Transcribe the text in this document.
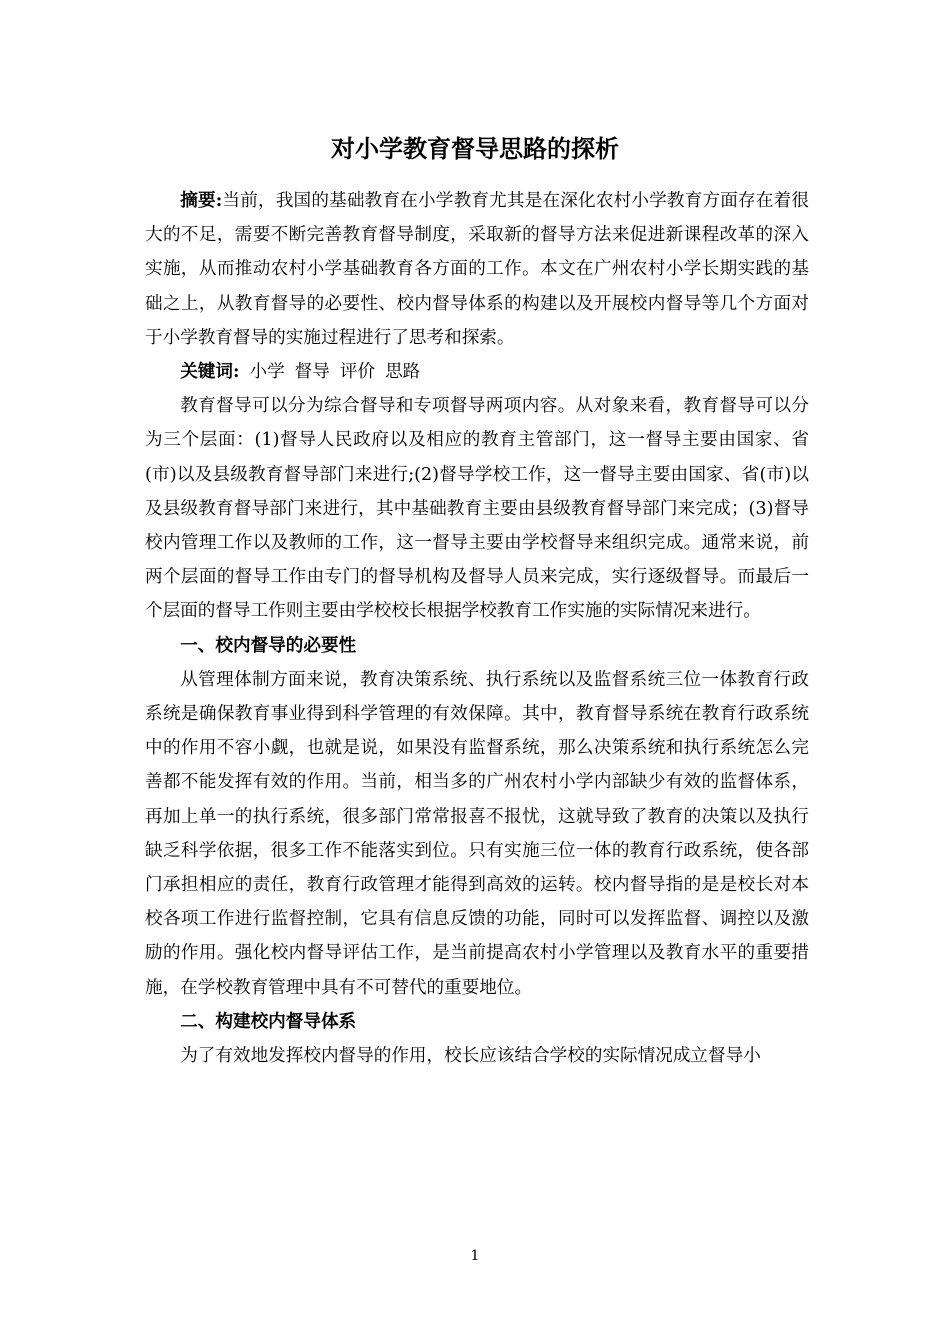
对小学教育督导思路的探析

摘要:当前，我国的基础教育在小学教育尤其是在深化农村小学教育方面存在着很大的不足，需要不断完善教育督导制度，采取新的督导方法来促进新课程改革的深入实施，从而推动农村小学基础教育各方面的工作。本文在广州农村小学长期实践的基础之上，从教育督导的必要性、校内督导体系的构建以及开展校内督导等几个方面对于小学教育督导的实施过程进行了思考和探索。

关键词: 小学 督导 评价 思路

教育督导可以分为综合督导和专项督导两项内容。从对象来看，教育督导可以分为三个层面：(1)督导人民政府以及相应的教育主管部门，这一督导主要由国家、省(市)以及县级教育督导部门来进行;(2)督导学校工作，这一督导主要由国家、省(市)以及县级教育督导部门来进行，其中基础教育主要由县级教育督导部门来完成；(3)督导校内管理工作以及教师的工作，这一督导主要由学校督导来组织完成。通常来说，前两个层面的督导工作由专门的督导机构及督导人员来完成，实行逐级督导。而最后一个层面的督导工作则主要由学校校长根据学校教育工作实施的实际情况来进行。

一、校内督导的必要性

从管理体制方面来说，教育决策系统、执行系统以及监督系统三位一体教育行政系统是确保教育事业得到科学管理的有效保障。其中，教育督导系统在教育行政系统中的作用不容小觑，也就是说，如果没有监督系统，那么决策系统和执行系统怎么完善都不能发挥有效的作用。当前，相当多的广州农村小学内部缺少有效的监督体系，再加上单一的执行系统，很多部门常常报喜不报忧，这就导致了教育的决策以及执行缺乏科学依据，很多工作不能落实到位。只有实施三位一体的教育行政系统，使各部门承担相应的责任，教育行政管理才能得到高效的运转。校内督导指的是是校长对本校各项工作进行监督控制，它具有信息反馈的功能，同时可以发挥监督、调控以及激励的作用。强化校内督导评估工作，是当前提高农村小学管理以及教育水平的重要措施，在学校教育管理中具有不可替代的重要地位。

二、构建校内督导体系

为了有效地发挥校内督导的作用，校长应该结合学校的实际情况成立督导小

1
